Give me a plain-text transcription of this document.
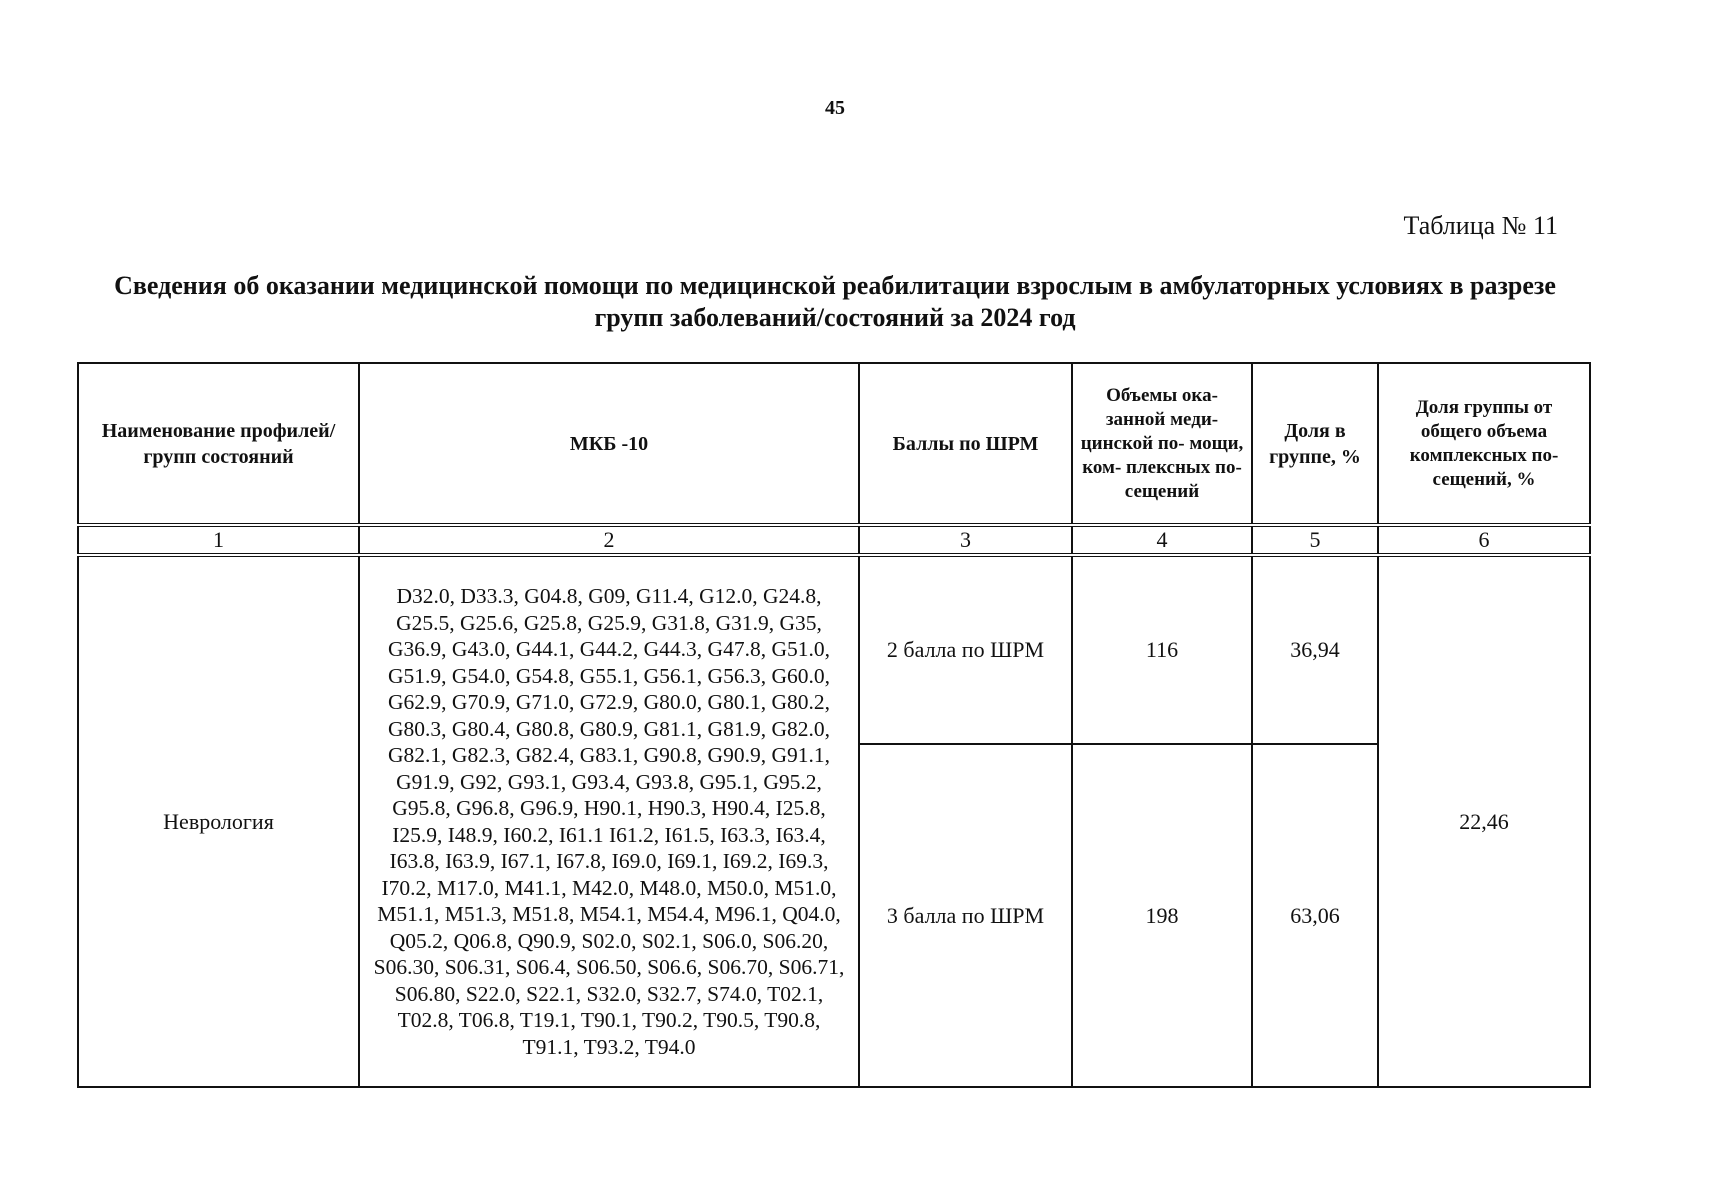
45
Таблица № 11
Сведения об оказании медицинской помощи по медицинской реабилитации взрослым в амбулаторных условиях в разрезе групп заболеваний/состояний за 2024 год
Наименование профилей/групп состояний	МКБ -10	Баллы по ШРМ	Объемы ока- занной меди- цинской по- мощи, ком- плексных по- сещений	Доля в группе, %	Доля группы от общего объема комплексных по- сещений, %
1	2	3	4	5	6
Неврология	D32.0, D33.3, G04.8, G09, G11.4, G12.0, G24.8, G25.5, G25.6, G25.8, G25.9, G31.8, G31.9, G35, G36.9, G43.0, G44.1, G44.2, G44.3, G47.8, G51.0, G51.9, G54.0, G54.8, G55.1, G56.1, G56.3, G60.0, G62.9, G70.9, G71.0, G72.9, G80.0, G80.1, G80.2, G80.3, G80.4, G80.8, G80.9, G81.1, G81.9, G82.0, G82.1, G82.3, G82.4, G83.1, G90.8, G90.9, G91.1, G91.9, G92, G93.1, G93.4, G93.8, G95.1, G95.2, G95.8, G96.8, G96.9, H90.1, H90.3, H90.4, I25.8, I25.9, I48.9, I60.2, I61.1 I61.2, I61.5, I63.3, I63.4, I63.8, I63.9, I67.1, I67.8, I69.0, I69.1, I69.2, I69.3, I70.2, M17.0, M41.1, M42.0, M48.0, M50.0, M51.0, M51.1, M51.3, M51.8, M54.1, M54.4, M96.1, Q04.0, Q05.2, Q06.8, Q90.9, S02.0, S02.1, S06.0, S06.20, S06.30, S06.31, S06.4, S06.50, S06.6, S06.70, S06.71, S06.80, S22.0, S22.1, S32.0, S32.7, S74.0, T02.1, T02.8, T06.8, T19.1, T90.1, T90.2, T90.5, T90.8, T91.1, T93.2, T94.0	2 балла по ШРМ	116	36,94	22,46
		3 балла по ШРМ	198	63,06	
